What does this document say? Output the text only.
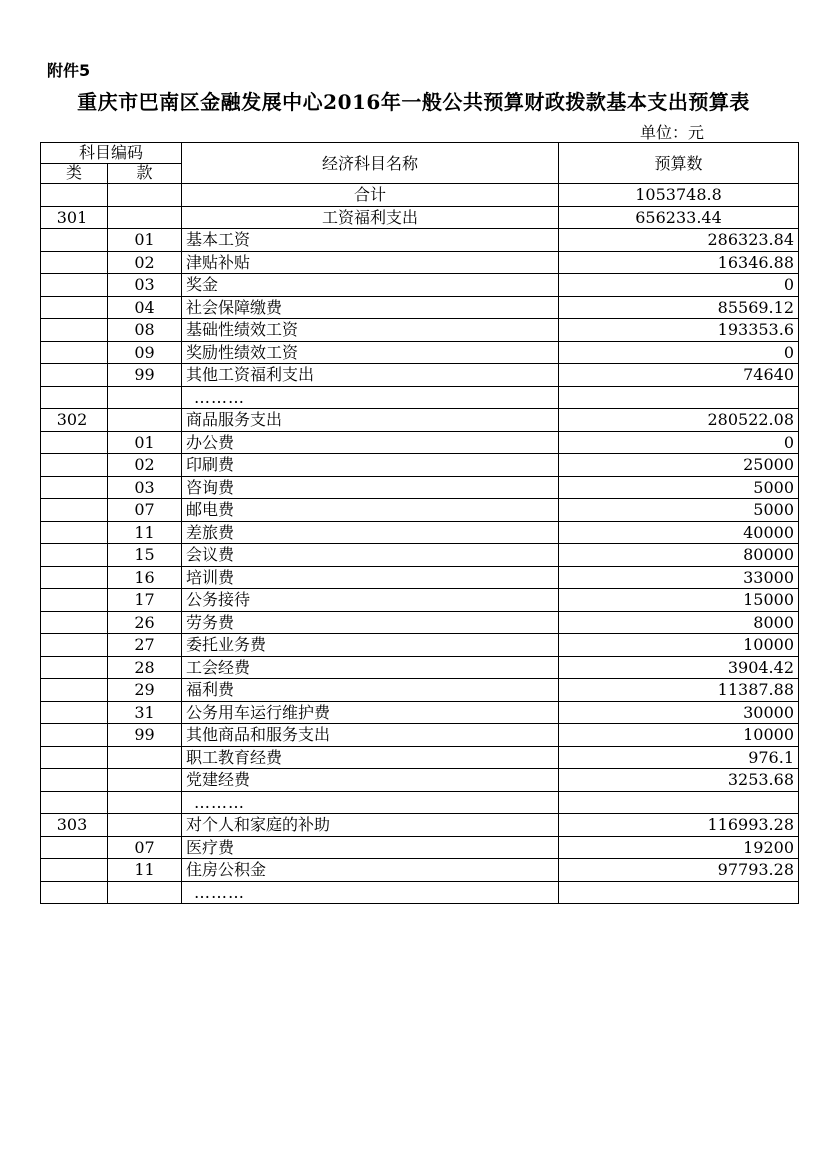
附件5
重庆市巴南区金融发展中心2016年一般公共预算财政拨款基本支出预算表
单位：元
科目编码		经济科目名称	预算数
类	款		
		合计	1053748.8
301		工资福利支出	656233.44
	01	基本工资	286323.84
	02	津贴补贴	16346.88
	03	奖金	0
	04	社会保障缴费	85569.12
	08	基础性绩效工资	193353.6
	09	奖励性绩效工资	0
	99	其他工资福利支出	74640
		………	
302		商品服务支出	280522.08
	01	办公费	0
	02	印刷费	25000
	03	咨询费	5000
	07	邮电费	5000
	11	差旅费	40000
	15	会议费	80000
	16	培训费	33000
	17	公务接待	15000
	26	劳务费	8000
	27	委托业务费	10000
	28	工会经费	3904.42
	29	福利费	11387.88
	31	公务用车运行维护费	30000
	99	其他商品和服务支出	10000
		职工教育经费	976.1
		党建经费	3253.68
		………	
303		对个人和家庭的补助	116993.28
	07	医疗费	19200
	11	住房公积金	97793.28
		………	
